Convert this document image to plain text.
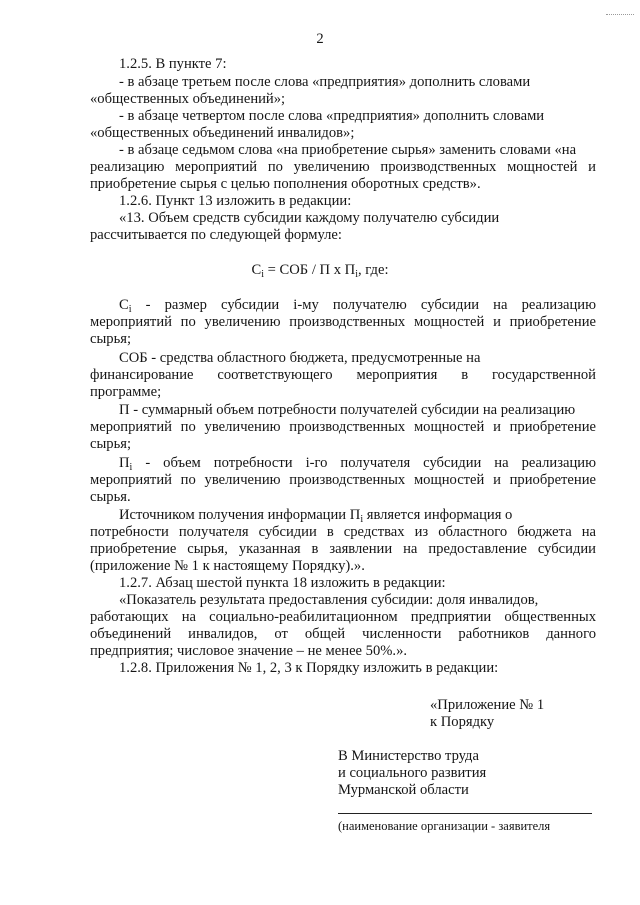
2
1.2.5. В пункте 7:
- в абзаце третьем после слова «предприятия» дополнить словами
«общественных объединений»;
- в абзаце четвертом после слова «предприятия» дополнить словами
«общественных объединений инвалидов»;
- в абзаце седьмом слова «на приобретение сырья» заменить словами «на
реализацию мероприятий по увеличению производственных мощностей и
приобретение сырья с целью пополнения оборотных средств».
1.2.6. Пункт 13 изложить в редакции:
«13. Объем средств субсидии каждому получателю субсидии
рассчитывается по следующей формуле:
$C_i$ - размер субсидии i-му получателю субсидии на реализацию
мероприятий по увеличению производственных мощностей и приобретение
сырья;
СОБ - средства областного бюджета, предусмотренные на
финансирование соответствующего мероприятия в государственной
программе;
П - суммарный объем потребности получателей субсидии на реализацию
мероприятий по увеличению производственных мощностей и приобретение
сырья;
$П_i$ - объем потребности i-го получателя субсидии на реализацию
мероприятий по увеличению производственных мощностей и приобретение
сырья.
Источником получения информации $П_i$ является информация о
потребности получателя субсидии в средствах из областного бюджета на
приобретение сырья, указанная в заявлении на предоставление субсидии
(приложение № 1 к настоящему Порядку).».
1.2.7. Абзац шестой пункта 18 изложить в редакции:
«Показатель результата предоставления субсидии: доля инвалидов,
работающих на социально-реабилитационном предприятии общественных
объединений инвалидов, от общей численности работников данного
предприятия; числовое значение – не менее 50%.».
1.2.8. Приложения № 1, 2, 3 к Порядку изложить в редакции:
$C_i$ = СОБ / П х $П_i$, где:
«Приложение № 1
к Порядку
В Министерство труда
и социального развития
Мурманской области
(наименование организации - заявителя
